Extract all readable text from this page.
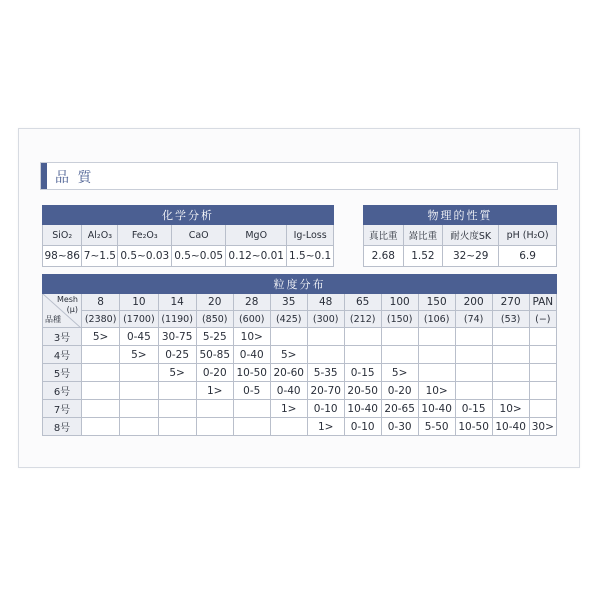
品 質
化学分析					
SiO₂	Al₂O₃	Fe₂O₃	CaO	MgO	Ig-Loss
98~86	7~1.5	0.5~0.03	0.5~0.05	0.12~0.01	1.5~0.1
物理的性質			
真比重	嵩比重	耐火度SK	pH (H₂O)
2.68	1.52	32~29	6.9
粒度分布													

Mesh
(μ)
品種	8	10	14	20	28	35	48	65	100	150	200	270	PAN
	(2380)	(1700)	(1190)	(850)	(600)	(425)	(300)	(212)	(150)	(106)	(74)	(53)	(−)
3号	5>	0-45	30-75	5-25	10>								
4号		5>	0-25	50-85	0-40	5>							
5号			5>	0-20	10-50	20-60	5-35	0-15	5>				
6号				1>	0-5	0-40	20-70	20-50	0-20	10>			
7号						1>	0-10	10-40	20-65	10-40	0-15	10>	
8号							1>	0-10	0-30	5-50	10-50	10-40	30>
